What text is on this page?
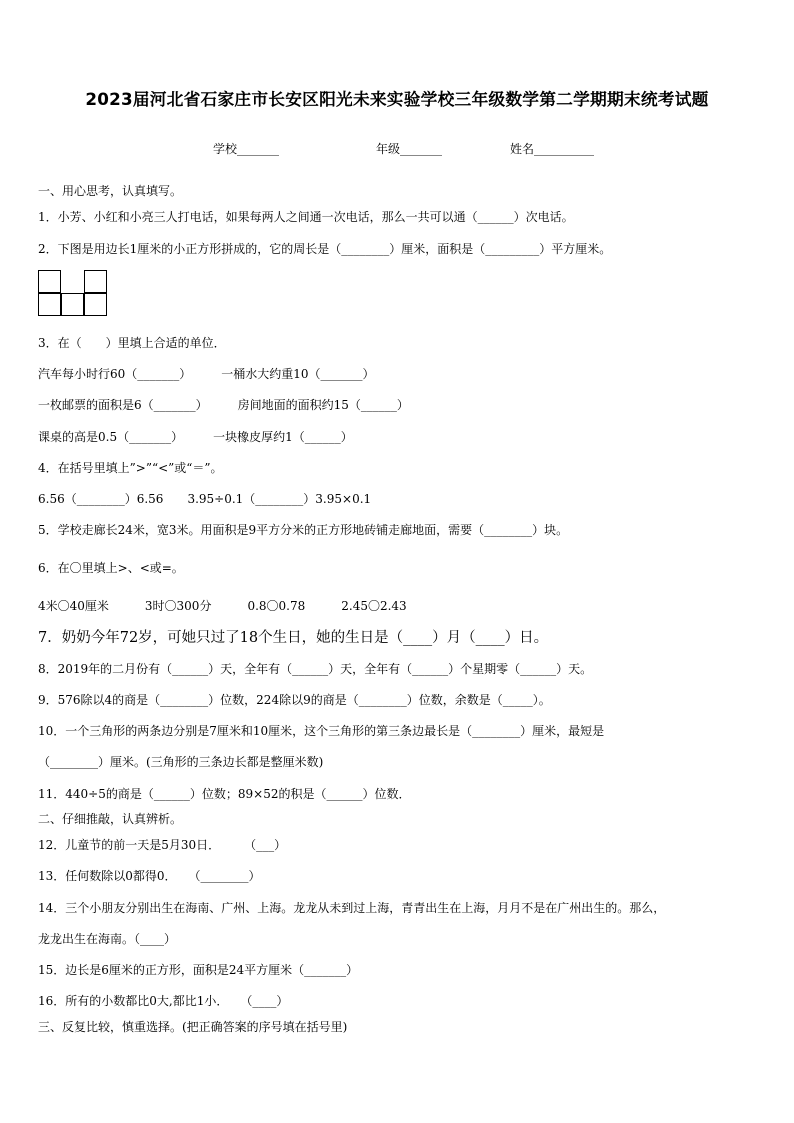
2023届河北省石家庄市长安区阳光未来实验学校三年级数学第二学期期末统考试题
学校_______	年级_______	姓名__________
一、用心思考，认真填写。
1．小芳、小红和小亮三人打电话，如果每两人之间通一次电话，那么一共可以通（______）次电话。
2．下图是用边长1厘米的小正方形拼成的，它的周长是（________）厘米，面积是（_________）平方厘米。
3．在（　　）里填上合适的单位．
汽车每小时行60（_______）　　　一桶水大约重10（_______）
一枚邮票的面积是6（_______）　　　房间地面的面积约15（______）
课桌的高是0.5（_______）　　　一块橡皮厚约1（______）
4．在括号里填上”>”“<”或“＝”。
6.56（________）6.56　　3.95÷0.1（________）3.95×0.1
5．学校走廊长24米，宽3米。用面积是9平方分米的正方形地砖铺走廊地面，需要（________）块。
6．在〇里填上>、<或=。
4米〇40厘米　　　3时〇300分　　　0.8〇0.78　　　2.45〇2.43
7．奶奶今年72岁，可她只过了18个生日，她的生日是（____）月（____）日。
8．2019年的二月份有（______）天，全年有（______）天，全年有（______）个星期零（______）天。
9．576除以4的商是（________）位数，224除以9的商是（________）位数，余数是（_____）。
10．一个三角形的两条边分别是7厘米和10厘米，这个三角形的第三条边最长是（________）厘米，最短是
（________）厘米。(三角形的三条边长都是整厘米数)
11．440÷5的商是（______）位数；89×52的积是（______）位数．
二、仔细推敲，认真辨析。
12．儿童节的前一天是5月30日．　　　（___）
13．任何数除以0都得0．　　（________）
14．三个小朋友分别出生在海南、广州、上海。龙龙从未到过上海，青青出生在上海，月月不是在广州出生的。那么，
龙龙出生在海南。（____）
15．边长是6厘米的正方形，面积是24平方厘米（_______）
16．所有的小数都比0大,都比1小．　　（____）
三、反复比较，慎重选择。(把正确答案的序号填在括号里)
